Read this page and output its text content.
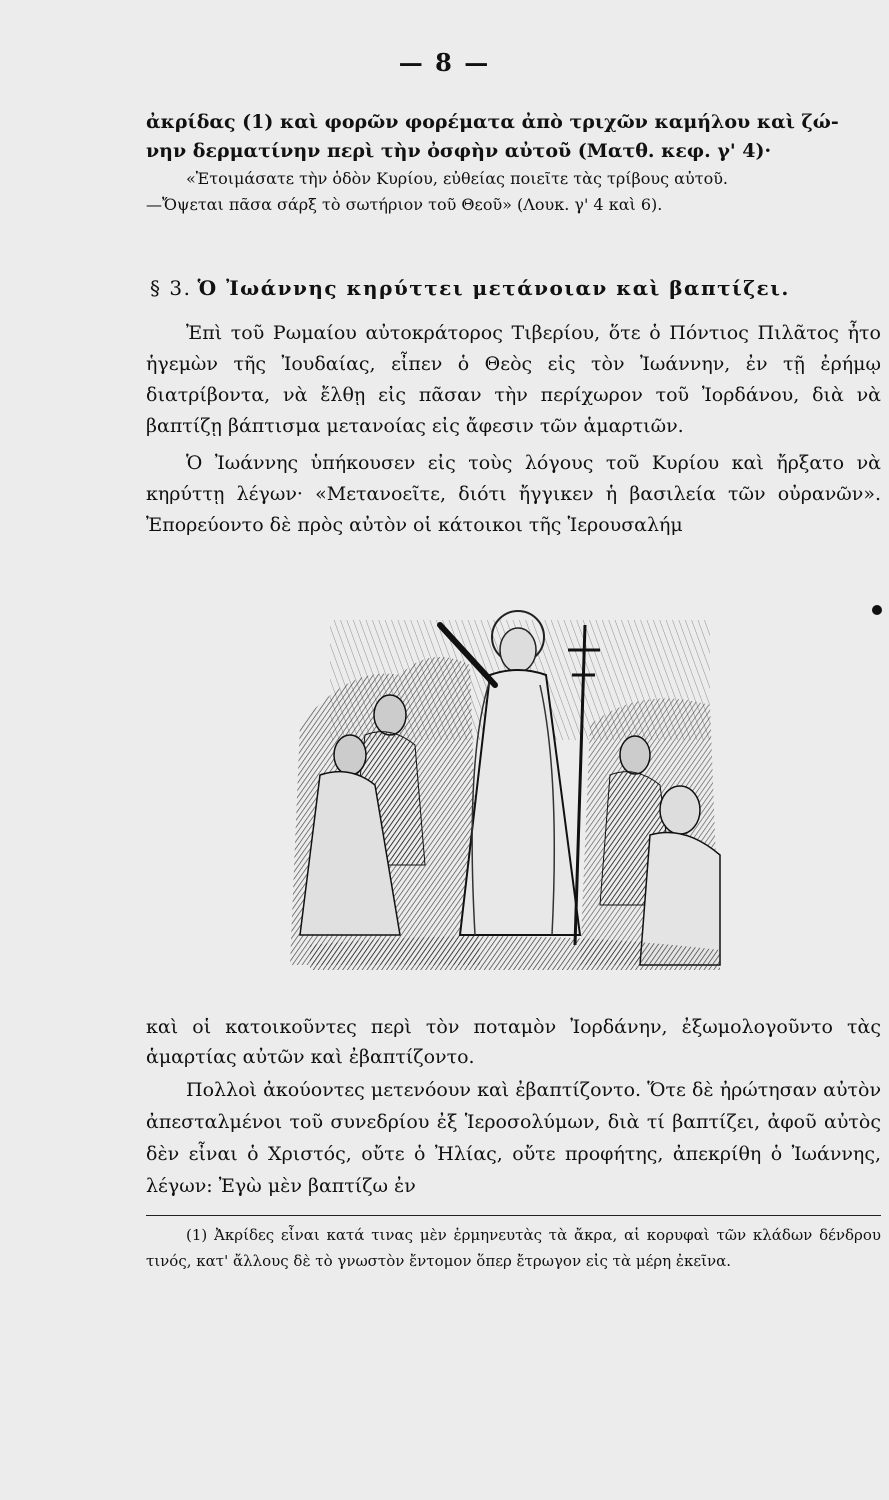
— 8 —

ἀκρίδας (1) καὶ φορῶν φορέματα ἀπὸ τριχῶν καμήλου καὶ ζώ-

νην δερματίνην περὶ τὴν ὀσφὴν αὐτοῦ (Ματθ. κεφ. γ' 4)·

«Ἑτοιμάσατε τὴν ὁδὸν Κυρίου, εὐθείας ποιεῖτε τὰς τρίβους αὐτοῦ.

—Ὄψεται πᾶσα σάρξ τὸ σωτήριον τοῦ Θεοῦ» (Λουκ. γ' 4 καὶ 6).

§ 3. Ὁ Ἰωάννης κηρύττει μετάνοιαν καὶ βαπτίζει.

Ἐπὶ τοῦ Ρωμαίου αὐτοκράτορος Τιβερίου, ὅτε ὁ Πόντιος Πιλᾶτος ἦτο ἡγεμὼν τῆς Ἰουδαίας, εἶπεν ὁ Θεὸς εἰς τὸν Ἰωάννην, ἐν τῇ ἐρήμῳ διατρίβοντα, νὰ ἔλθῃ εἰς πᾶσαν τὴν περίχωρον τοῦ Ἰορδάνου, διὰ νὰ βαπτίζῃ βάπτισμα μετανοίας εἰς ἄφεσιν τῶν ἁμαρτιῶν.

Ὁ Ἰωάννης ὑπήκουσεν εἰς τοὺς λόγους τοῦ Κυρίου καὶ ἤρξατο νὰ κηρύττῃ λέγων· «Μετανοεῖτε, διότι ἤγγικεν ἡ βασιλεία τῶν οὐρανῶν». Ἐπορεύοντο δὲ πρὸς αὐτὸν οἱ κάτοικοι τῆς Ἱερουσαλήμ

καὶ οἱ κατοικοῦντες περὶ τὸν ποταμὸν Ἰορδάνην, ἐξωμολογοῦντο τὰς ἁμαρτίας αὐτῶν καὶ ἐβαπτίζοντο.

Πολλοὶ ἀκούοντες μετενόουν καὶ ἐβαπτίζοντο. Ὅτε δὲ ἠρώτησαν αὐτὸν ἀπεσταλμένοι τοῦ συνεδρίου ἐξ Ἱεροσολύμων, διὰ τί βαπτίζει, ἀφοῦ αὐτὸς δὲν εἶναι ὁ Χριστός, οὔτε ὁ Ἠλίας, οὔτε προφήτης, ἀπεκρίθη ὁ Ἰωάννης, λέγων: Ἐγὼ μὲν βαπτίζω ἐν

(1) Ἀκρίδες εἶναι κατά τινας μὲν ἑρμηνευτὰς τὰ ἄκρα, αἱ κορυφαὶ τῶν κλάδων δένδρου τινός, κατ' ἄλλους δὲ τὸ γνωστὸν ἔντομον ὅπερ ἔτρωγον εἰς τὰ μέρη ἐκεῖνα.
